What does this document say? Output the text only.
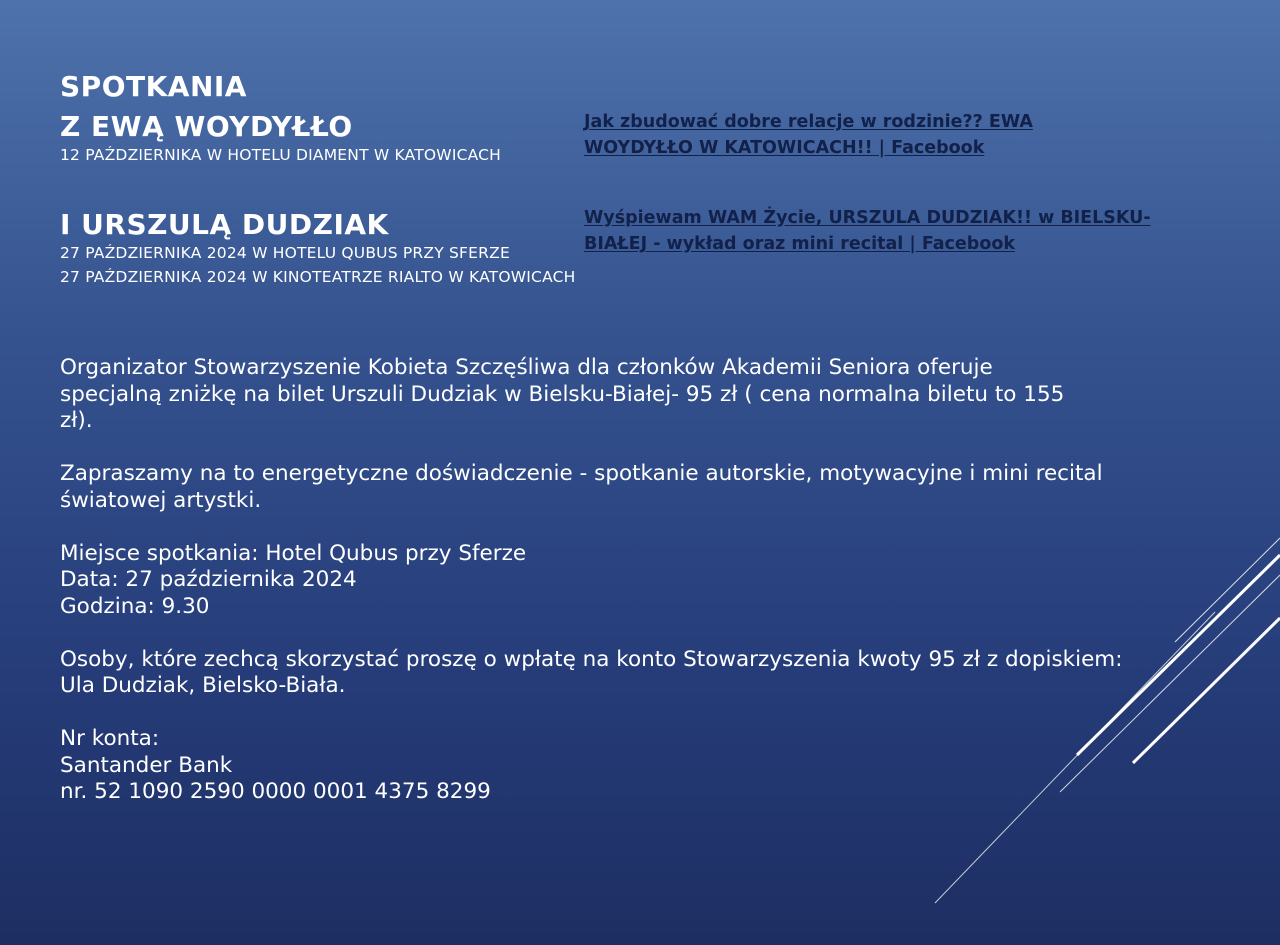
SPOTKANIA
Z EWĄ WOYDYŁŁO
12 PAŹDZIERNIKA W HOTELU DIAMENT W KATOWICACH
I URSZULĄ DUDZIAK
27 PAŹDZIERNIKA 2024 W HOTELU QUBUS PRZY SFERZE
27 PAŹDZIERNIKA 2024 W KINOTEATRZE RIALTO W KATOWICACH
Jak zbudować dobre relacje w rodzinie?? EWA WOYDYŁŁO W KATOWICACH!! | Facebook
Wyśpiewam WAM Życie, URSZULA DUDZIAK!! w BIELSKU-BIAŁEJ - wykład oraz mini recital | Facebook

Organizator Stowarzyszenie Kobieta Szczęśliwa dla członków Akademii Seniora oferuje specjalną zniżkę na bilet Urszuli Dudziak w Bielsku-Białej- 95 zł ( cena normalna biletu to 155 zł).

Zapraszamy na to energetyczne doświadczenie - spotkanie autorskie, motywacyjne i mini recital światowej artystki.

Miejsce spotkania: Hotel Qubus przy Sferze
Data: 27 października 2024
Godzina: 9.30

Osoby, które zechcą skorzystać proszę o wpłatę na konto Stowarzyszenia kwoty 95 zł z dopiskiem: Ula Dudziak, Bielsko-Biała.

Nr konta:
Santander Bank
nr. 52 1090 2590 0000 0001 4375 8299
